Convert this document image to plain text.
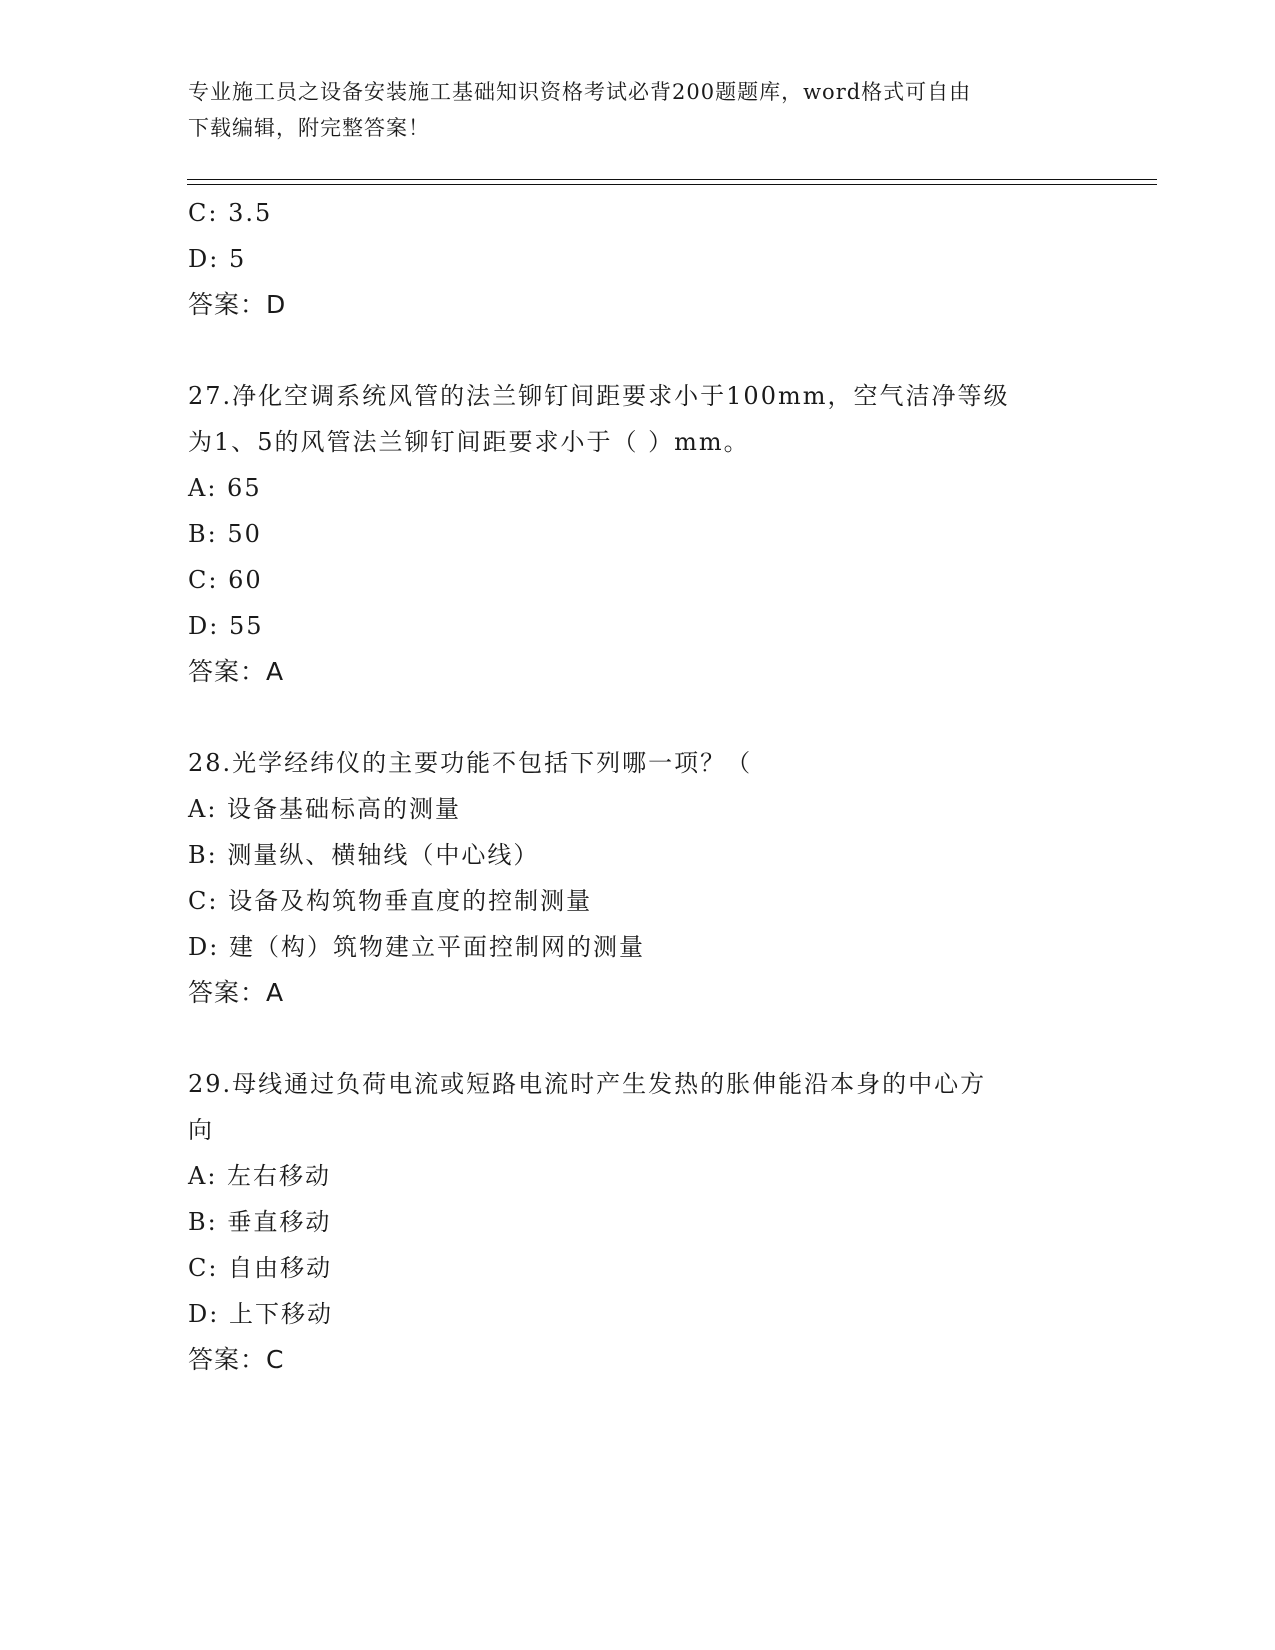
专业施工员之设备安装施工基础知识资格考试必背200题题库，word格式可自由
下载编辑，附完整答案！
C: 3.5
D: 5
答案：D
27.净化空调系统风管的法兰铆钉间距要求小于100mm，空气洁净等级
为1、5的风管法兰铆钉间距要求小于（ ）mm。
A: 65
B: 50
C: 60
D: 55
答案：A
28.光学经纬仪的主要功能不包括下列哪一项？（
A: 设备基础标高的测量
B: 测量纵、横轴线（中心线）
C: 设备及构筑物垂直度的控制测量
D: 建（构）筑物建立平面控制网的测量
答案：A
29.母线通过负荷电流或短路电流时产生发热的胀伸能沿本身的中心方
向
A: 左右移动
B: 垂直移动
C: 自由移动
D: 上下移动
答案：C
